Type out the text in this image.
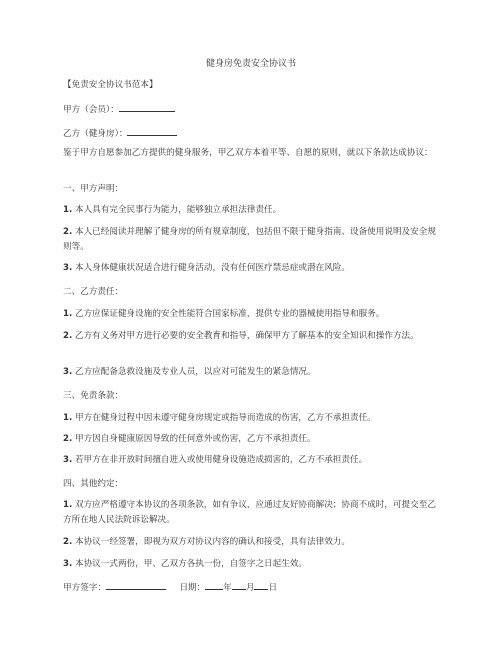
健身房免责安全协议书
【免责安全协议书范本】
甲方（会员）：
乙方（健身房）：
鉴于甲方自愿参加乙方提供的健身服务，甲乙双方本着平等、自愿的原则，就以下条款达成协议：
一、甲方声明：
1. 本人具有完全民事行为能力，能够独立承担法律责任。
2. 本人已经阅读并理解了健身房的所有规章制度，包括但不限于健身指南、设备使用说明及安全规则等。
3. 本人身体健康状况适合进行健身活动，没有任何医疗禁忌症或潜在风险。
二、乙方责任：
1. 乙方应保证健身设施的安全性能符合国家标准，提供专业的器械使用指导和服务。
2. 乙方有义务对甲方进行必要的安全教育和指导，确保甲方了解基本的安全知识和操作方法。
3. 乙方应配备急救设施及专业人员，以应对可能发生的紧急情况。
三、免责条款：
1. 甲方在健身过程中因未遵守健身房规定或指导而造成的伤害，乙方不承担责任。
2. 甲方因自身健康原因导致的任何意外或伤害，乙方不承担责任。
3. 若甲方在非开放时间擅自进入或使用健身设施造成损害的，乙方不承担责任。
四、其他约定：
1. 双方应严格遵守本协议的各项条款，如有争议，应通过友好协商解决；协商不成时，可提交至乙方所在地人民法院诉讼解决。
2. 本协议一经签署，即视为双方对协议内容的确认和接受，具有法律效力。
3. 本协议一式两份，甲、乙双方各执一份，自签字之日起生效。
甲方签字：	日期： 年 月 日
